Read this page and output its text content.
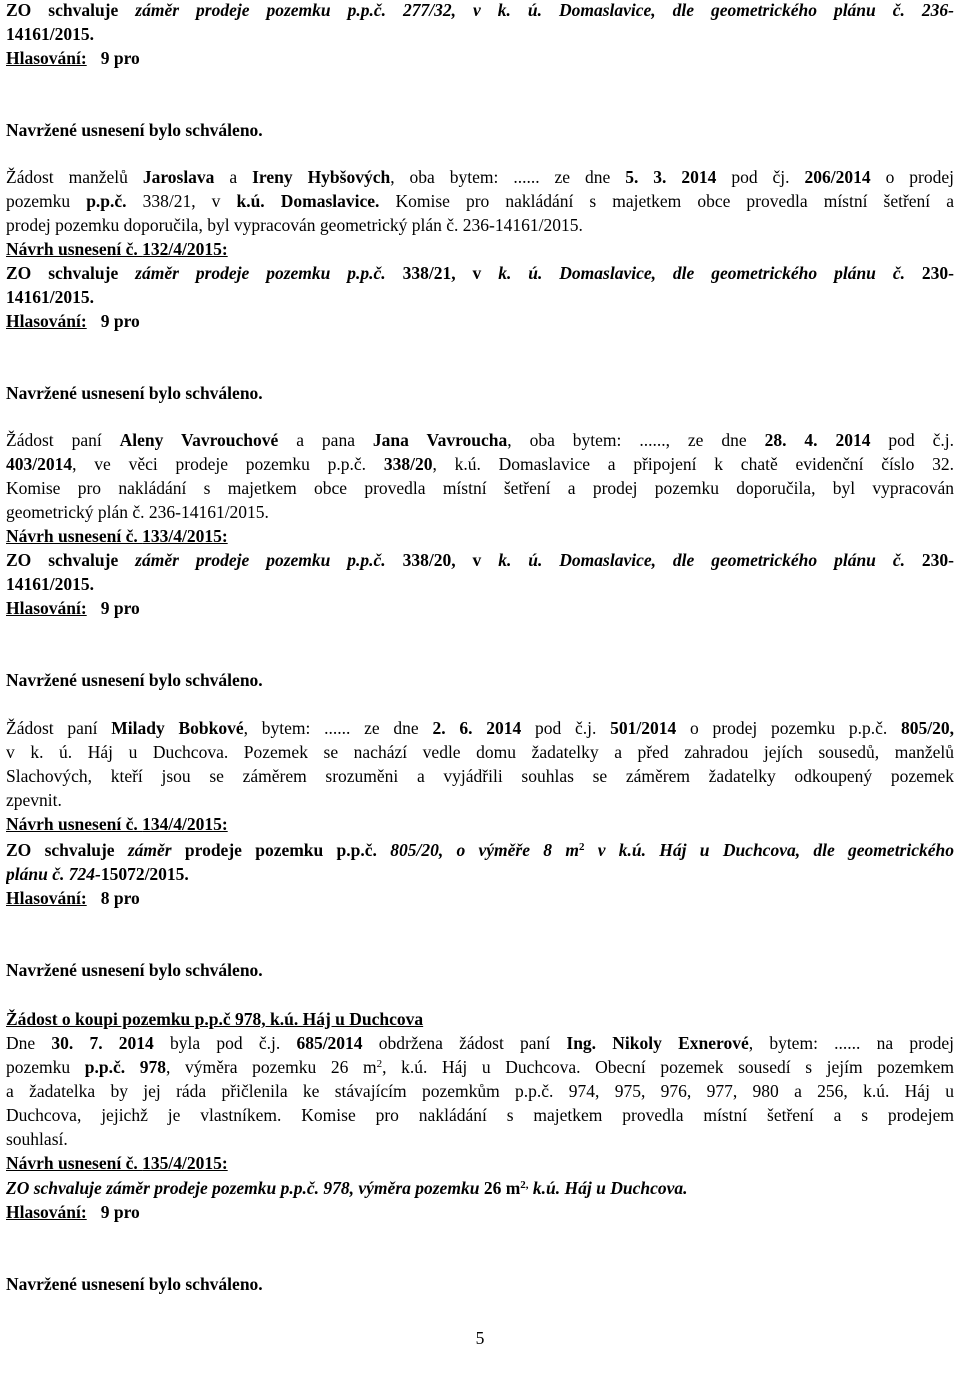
ZO schvaluje záměr prodeje pozemku p.p.č. 277/32, v k. ú. Domaslavice, dle geometrického plánu č. 236-
14161/2015.
Hlasování: 9 pro
Navržené usnesení bylo schváleno.
Žádost manželů Jaroslava a Ireny Hybšových, oba bytem: ...... ze dne 5. 3. 2014 pod čj. 206/2014 o prodej
pozemku p.p.č. 338/21, v k.ú. Domaslavice. Komise pro nakládání s majetkem obce provedla místní šetření a
prodej pozemku doporučila, byl vypracován geometrický plán č. 236-14161/2015.
Návrh usnesení č. 132/4/2015:
ZO schvaluje záměr prodeje pozemku p.p.č. 338/21, v k. ú. Domaslavice, dle geometrického plánu č. 230-
14161/2015.
Hlasování: 9 pro
Navržené usnesení bylo schváleno.
Žádost paní Aleny Vavrouchové a pana Jana Vavroucha, oba bytem: ......, ze dne 28. 4. 2014 pod č.j.
403/2014, ve věci prodeje pozemku p.p.č. 338/20, k.ú. Domaslavice a připojení k chatě evidenční číslo 32.
Komise pro nakládání s majetkem obce provedla místní šetření a prodej pozemku doporučila, byl vypracován
geometrický plán č. 236-14161/2015.
Návrh usnesení č. 133/4/2015:
ZO schvaluje záměr prodeje pozemku p.p.č. 338/20, v k. ú. Domaslavice, dle geometrického plánu č. 230-
14161/2015.
Hlasování: 9 pro
Navržené usnesení bylo schváleno.
Žádost paní Milady Bobkové, bytem: ...... ze dne 2. 6. 2014 pod č.j. 501/2014 o prodej pozemku p.p.č. 805/20,
v k. ú. Háj u Duchcova. Pozemek se nachází vedle domu žadatelky a před zahradou jejích sousedů, manželů
Slachových, kteří jsou se záměrem srozuměni a vyjádřili souhlas se záměrem žadatelky odkoupený pozemek
zpevnit.
Návrh usnesení č. 134/4/2015:
ZO schvaluje záměr prodeje pozemku p.p.č. 805/20, o výměře 8 $m^2$ v k.ú. Háj u Duchcova, dle geometrického
plánu č. 724-15072/2015.
Hlasování: 8 pro
Navržené usnesení bylo schváleno.
Žádost o koupi pozemku p.p.č 978, k.ú. Háj u Duchcova
Dne 30. 7. 2014 byla pod č.j. 685/2014 obdržena žádost paní Ing. Nikoly Exnerové, bytem: ...... na prodej
pozemku p.p.č. 978, výměra pozemku 26 $m^2$, k.ú. Háj u Duchcova. Obecní pozemek sousedí s jejím pozemkem
a žadatelka by jej ráda přičlenila ke stávajícím pozemkům p.p.č. 974, 975, 976, 977, 980 a 256, k.ú. Háj u
Duchcova, jejichž je vlastníkem. Komise pro nakládání s majetkem provedla místní šetření a s prodejem
souhlasí.
Návrh usnesení č. 135/4/2015:
ZO schvaluje záměr prodeje pozemku p.p.č. 978, výměra pozemku 26 $m^{2,}$ k.ú. Háj u Duchcova.
Hlasování: 9 pro
Navržené usnesení bylo schváleno.
5
